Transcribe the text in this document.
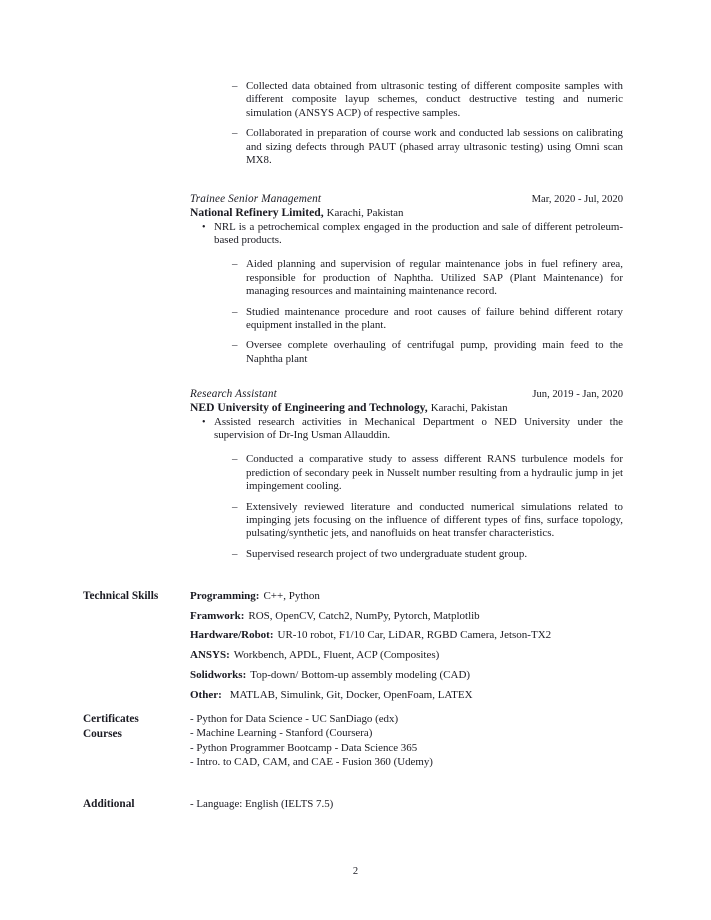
– Collected data obtained from ultrasonic testing of different composite samples with different composite layup schemes, conduct destructive testing and numeric simulation (ANSYS ACP) of respective samples.
– Collaborated in preparation of course work and conducted lab sessions on calibrating and sizing defects through PAUT (phased array ultrasonic testing) using Omni scan MX8.
Trainee Senior Management	Mar, 2020 - Jul, 2020
National Refinery Limited, Karachi, Pakistan
• NRL is a petrochemical complex engaged in the production and sale of different petroleum-based products.
– Aided planning and supervision of regular maintenance jobs in fuel refinery area, responsible for production of Naphtha. Utilized SAP (Plant Maintenance) for managing resources and maintaining maintenance record.
– Studied maintenance procedure and root causes of failure behind different rotary equipment installed in the plant.
– Oversee complete overhauling of centrifugal pump, providing main feed to the Naphtha plant
Research Assistant	Jun, 2019 - Jan, 2020
NED University of Engineering and Technology, Karachi, Pakistan
• Assisted research activities in Mechanical Department o NED University under the supervision of Dr-Ing Usman Allauddin.
– Conducted a comparative study to assess different RANS turbulence models for prediction of secondary peek in Nusselt number resulting from a hydraulic jump in jet impingement cooling.
– Extensively reviewed literature and conducted numerical simulations related to impinging jets focusing on the influence of different types of fins, surface topology, pulsating/synthetic jets, and nanofluids on heat transfer characteristics.
– Supervised research project of two undergraduate student group.
Technical Skills	Programming: C++, Python
Framwork: ROS, OpenCV, Catch2, NumPy, Pytorch, Matplotlib
Hardware/Robot: UR-10 robot, F1/10 Car, LiDAR, RGBD Camera, Jetson-TX2
ANSYS: Workbench, APDL, Fluent, ACP (Composites)
Solidworks: Top-down/ Bottom-up assembly modeling (CAD)
Other: MATLAB, Simulink, Git, Docker, OpenFoam, LATEX
Certificates
Courses
- Python for Data Science - UC SanDiago (edx)
- Machine Learning - Stanford (Coursera)
- Python Programmer Bootcamp - Data Science 365
- Intro. to CAD, CAM, and CAE - Fusion 360 (Udemy)
Additional	- Language: English (IELTS 7.5)
2
